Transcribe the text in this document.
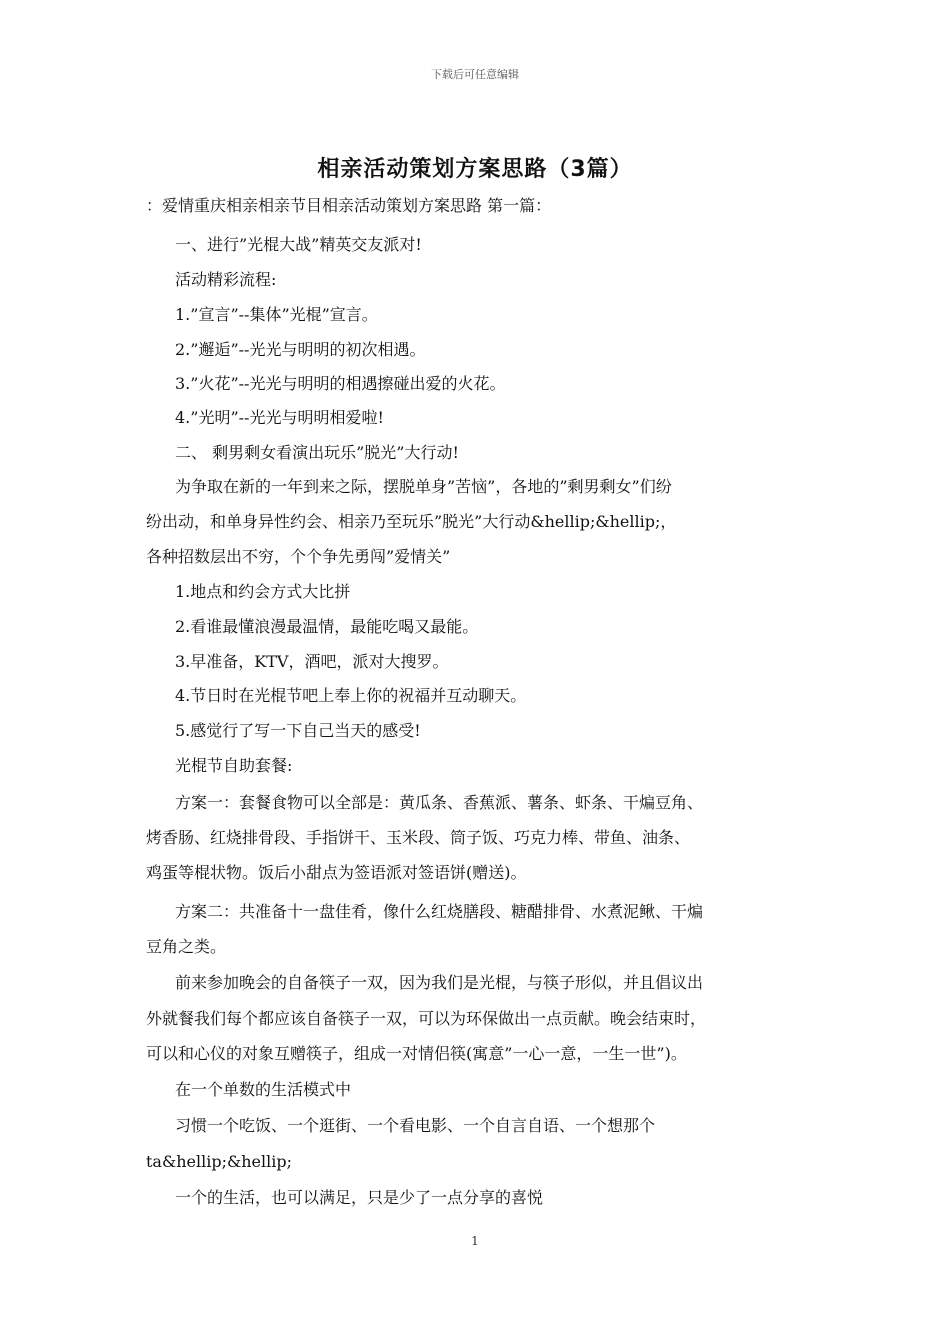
下载后可任意编辑
相亲活动策划方案思路（3篇）
：爱情重庆相亲相亲节目相亲活动策划方案思路 第一篇：
一、进行”光棍大战”精英交友派对!
活动精彩流程:
1.”宣言”--集体”光棍”宣言。
2.”邂逅”--光光与明明的初次相遇。
3.”火花”--光光与明明的相遇擦碰出爱的火花。
4.”光明”--光光与明明相爱啦!
二、 剩男剩女看演出玩乐”脱光”大行动!
为争取在新的一年到来之际，摆脱单身”苦恼”，各地的”剩男剩女”们纷
纷出动，和单身异性约会、相亲乃至玩乐”脱光”大行动&hellip;&hellip;，
各种招数层出不穷，个个争先勇闯”爱情关”
1.地点和约会方式大比拼
2.看谁最懂浪漫最温情，最能吃喝又最能。
3.早准备，KTV，酒吧，派对大搜罗。
4.节日时在光棍节吧上奉上你的祝福并互动聊天。
5.感觉行了写一下自己当天的感受!
光棍节自助套餐:
方案一：套餐食物可以全部是：黄瓜条、香蕉派、薯条、虾条、干煸豆角、
烤香肠、红烧排骨段、手指饼干、玉米段、筒子饭、巧克力棒、带鱼、油条、
鸡蛋等棍状物。饭后小甜点为签语派对签语饼(赠送)。
方案二：共准备十一盘佳肴，像什么红烧膳段、糖醋排骨、水煮泥鳅、干煸
豆角之类。
前来参加晚会的自备筷子一双，因为我们是光棍，与筷子形似，并且倡议出
外就餐我们每个都应该自备筷子一双，可以为环保做出一点贡献。晚会结束时，
可以和心仪的对象互赠筷子，组成一对情侣筷(寓意”一心一意，一生一世”)。
在一个单数的生活模式中
习惯一个吃饭、一个逛街、一个看电影、一个自言自语、一个想那个
ta&hellip;&hellip;
一个的生活，也可以满足，只是少了一点分享的喜悦
1
